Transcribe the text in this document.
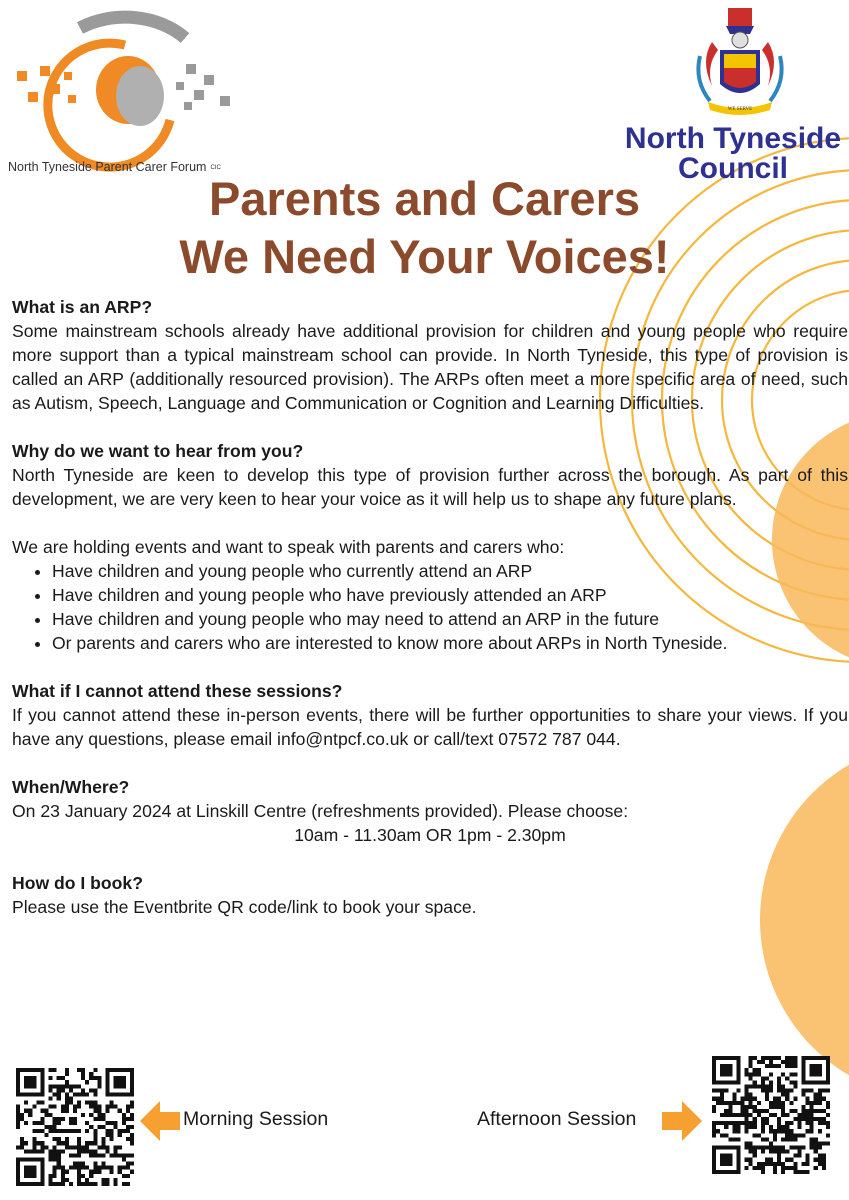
North Tyneside Parent Carer Forum CIC
WE SERVE
North Tyneside
Council
Parents and Carers
We Need Your Voices!
What is an ARP?

Some mainstream schools already have additional provision for children and young people who require more support than a typical mainstream school can provide. In North Tyneside, this type of provision is called an ARP (additionally resourced provision). The ARPs often meet a more specific area of need, such as Autism, Speech, Language and Communication or Cognition and Learning Difficulties.

Why do we want to hear from you?

North Tyneside are keen to develop this type of provision further across the borough. As part of this development, we are very keen to hear your voice as it will help us to shape any future plans.

We are holding events and want to speak with parents and carers who:

• Have children and young people who currently attend an ARP
• Have children and young people who have previously attended an ARP
• Have children and young people who may need to attend an ARP in the future
• Or parents and carers who are interested to know more about ARPs in North Tyneside.
What if I cannot attend these sessions?

If you cannot attend these in-person events, there will be further opportunities to share your views. If you have any questions, please email info@ntpcf.co.uk or call/text 07572 787 044.

When/Where?

On 23 January 2024 at Linskill Centre (refreshments provided). Please choose:

10am - 11.30am OR 1pm - 2.30pm

How do I book?

Please use the Eventbrite QR code/link to book your space.

Morning Session	Afternoon Session
